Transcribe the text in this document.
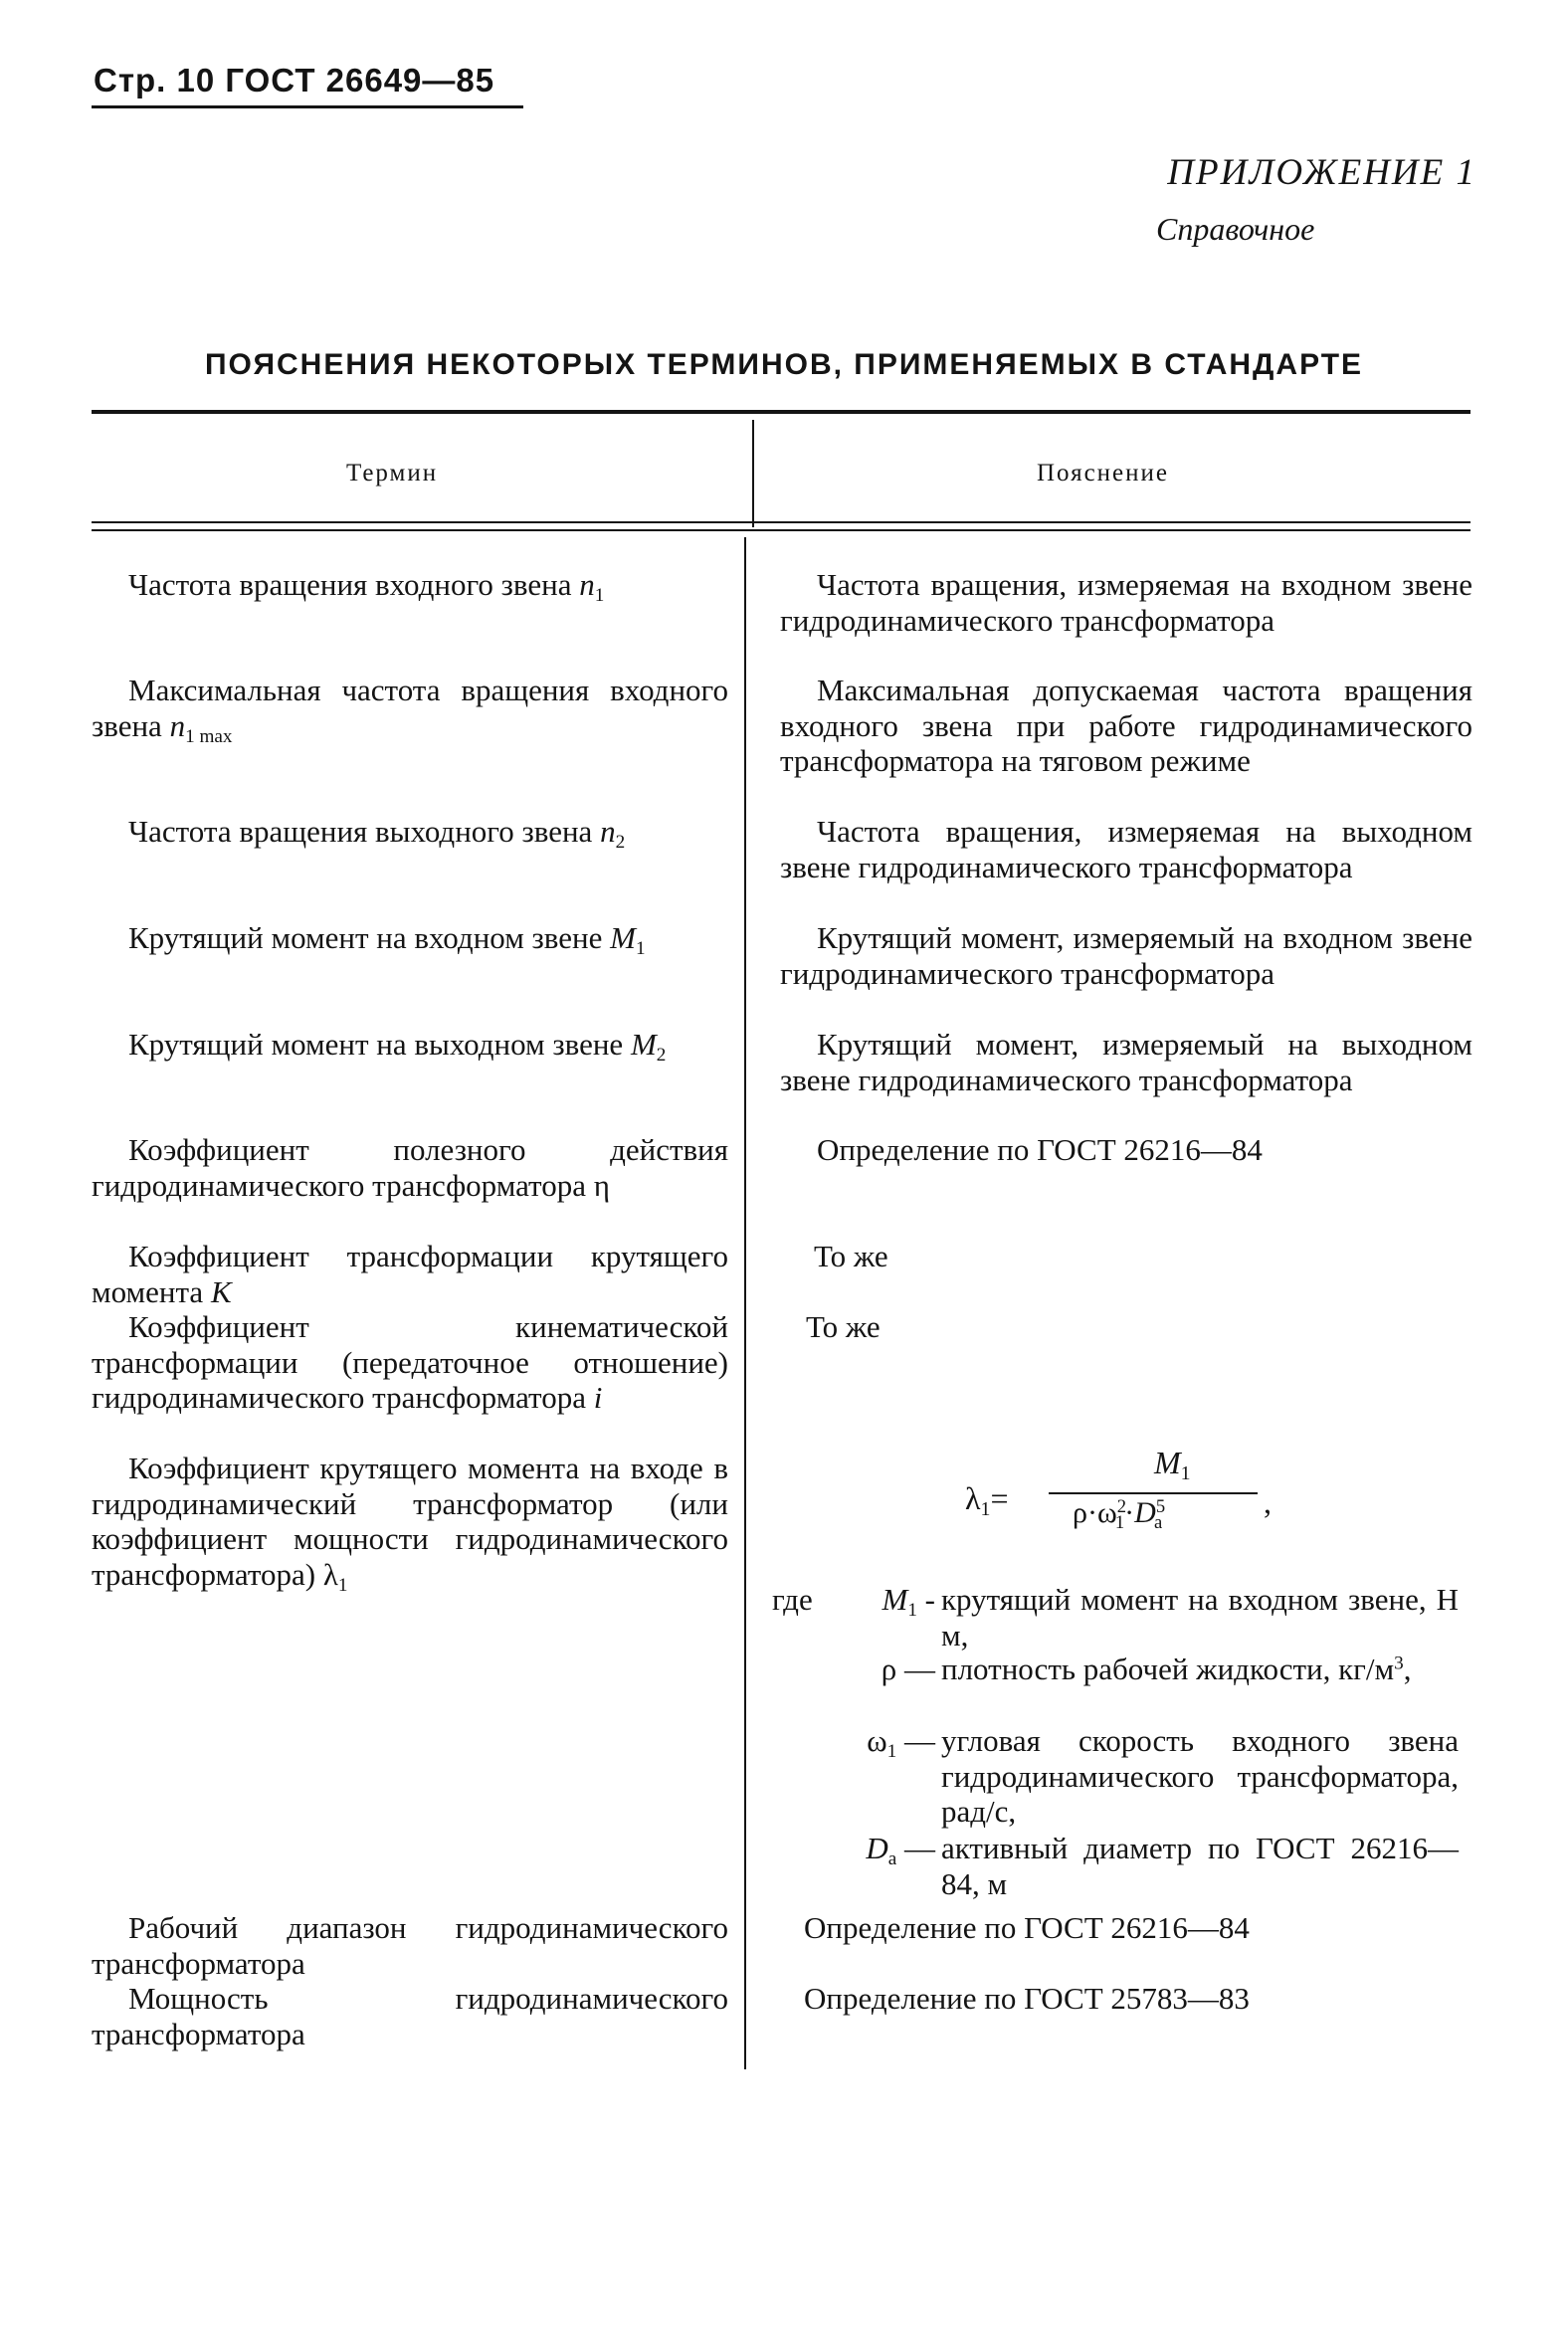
Стр. 10 ГОСТ 26649—85
ПРИЛОЖЕНИЕ 1
Справочное
ПОЯСНЕНИЯ НЕКОТОРЫХ ТЕРМИНОВ, ПРИМЕНЯЕМЫХ В СТАНДАРТЕ
Термин	Пояснение
Частота вращения входного звена $n_1$
Максимальная частота вращения входного звена $n_{1 max}$
Частота вращения выходного звена $n_2$
Крутящий момент на входном звене $M_1$
Крутящий момент на выходном звене $M_2$
Коэффициент полезного действия гидродинамического трансформатора η
Коэффициент трансформации крутящего момента K
Коэффициент кинематической трансформации (передаточное отношение) гидродинамического трансформатора i
Коэффициент крутящего момента на входе в гидродинамический трансформатор (или коэффициент мощности гидродинамического трансформатора) $\lambda_1$
Рабочий диапазон гидродинамического трансформатора
Мощность гидродинамического трансформатора
Частота вращения, измеряемая на входном звене гидродинамического трансформатора
Максимальная допускаемая частота вращения входного звена при работе гидродинамического трансформатора на тяговом режиме
Частота вращения, измеряемая на выходном звене гидродинамического трансформатора
Крутящий момент, измеряемый на входном звене гидродинамического трансформатора
Крутящий момент, измеряемый на выходном звене гидродинамического трансформатора
Определение по ГОСТ 26216—84
То же
То же
$\lambda_1=$
$M_1$
$\rho\cdot\omega^2_1\cdot D^5_a$
,
где	$M_1$ - крутящий момент на входном звене, Н м,
ρ — плотность рабочей жидкости, $кг/м^3$,
$\omega_1$ — угловая скорость входного звена гидродинамического трансформатора, рад/с,
$D_а$ — активный диаметр по ГОСТ 26216—84, м
Определение по ГОСТ 26216—84
Определение по ГОСТ 25783—83
